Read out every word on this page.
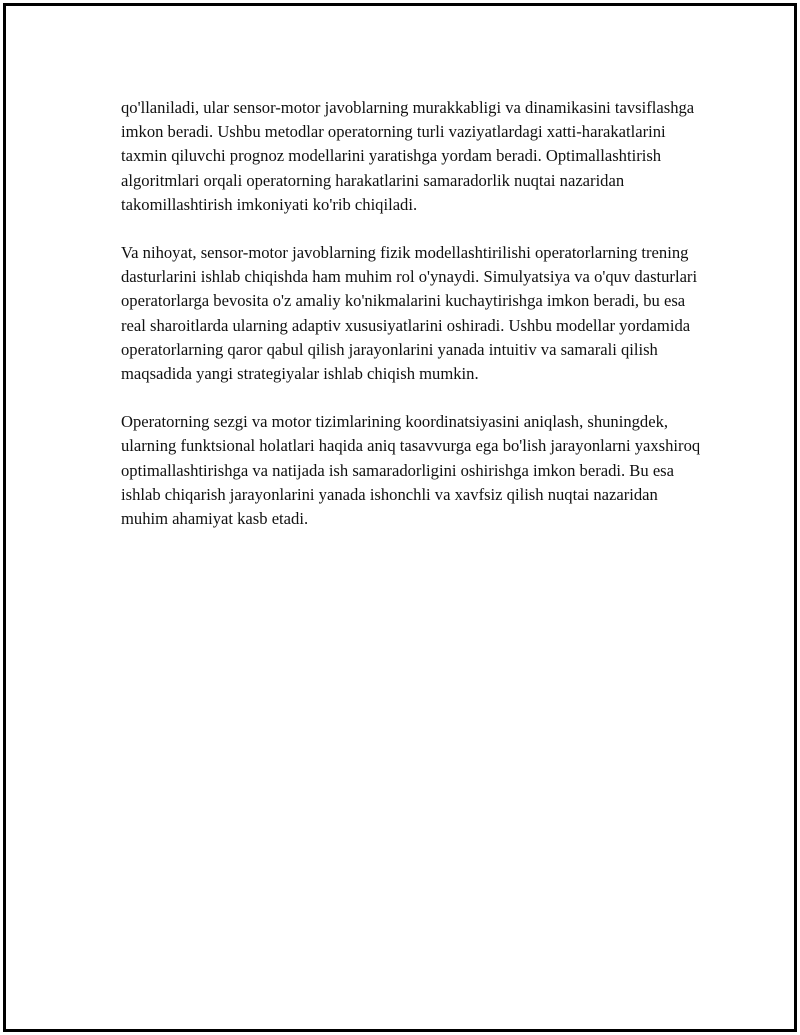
qo'llaniladi, ular sensor-motor javoblarning murakkabligi va dinamikasini tavsiflashga imkon beradi. Ushbu metodlar operatorning turli vaziyatlardagi xatti-harakatlarini taxmin qiluvchi prognoz modellarini yaratishga yordam beradi. Optimallashtirish algoritmlari orqali operatorning harakatlarini samaradorlik nuqtai nazaridan takomillashtirish imkoniyati ko'rib chiqiladi.

Va nihoyat, sensor-motor javoblarning fizik modellashtirilishi operatorlarning trening dasturlarini ishlab chiqishda ham muhim rol o'ynaydi. Simulyatsiya va o'quv dasturlari operatorlarga bevosita o'z amaliy ko'nikmalarini kuchaytirishga imkon beradi, bu esa real sharoitlarda ularning adaptiv xususiyatlarini oshiradi. Ushbu modellar yordamida operatorlarning qaror qabul qilish jarayonlarini yanada intuitiv va samarali qilish maqsadida yangi strategiyalar ishlab chiqish mumkin.

Operatorning sezgi va motor tizimlarining koordinatsiyasini aniqlash, shuningdek, ularning funktsional holatlari haqida aniq tasavvurga ega bo'lish jarayonlarni yaxshiroq optimallashtirishga va natijada ish samaradorligini oshirishga imkon beradi. Bu esa ishlab chiqarish jarayonlarini yanada ishonchli va xavfsiz qilish nuqtai nazaridan muhim ahamiyat kasb etadi.
